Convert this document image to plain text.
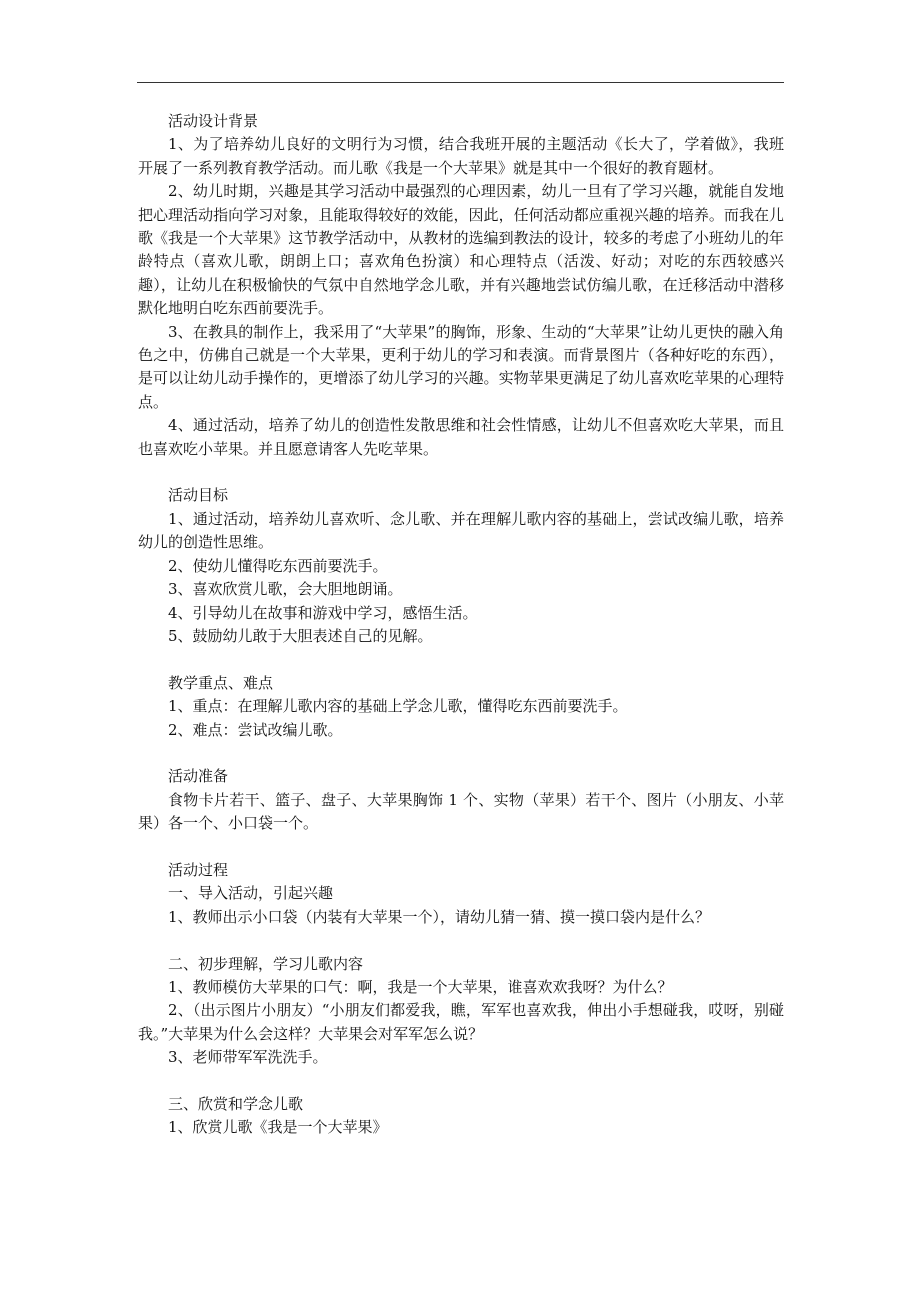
活动设计背景

1、为了培养幼儿良好的文明行为习惯，结合我班开展的主题活动《长大了，学着做》，我班开展了一系列教育教学活动。而儿歌《我是一个大苹果》就是其中一个很好的教育题材。

2、幼儿时期，兴趣是其学习活动中最强烈的心理因素，幼儿一旦有了学习兴趣，就能自发地把心理活动指向学习对象，且能取得较好的效能，因此，任何活动都应重视兴趣的培养。而我在儿歌《我是一个大苹果》这节教学活动中，从教材的选编到教法的设计，较多的考虑了小班幼儿的年龄特点（喜欢儿歌，朗朗上口；喜欢角色扮演）和心理特点（活泼、好动；对吃的东西较感兴趣），让幼儿在积极愉快的气氛中自然地学念儿歌，并有兴趣地尝试仿编儿歌，在迁移活动中潜移默化地明白吃东西前要洗手。

3、在教具的制作上，我采用了“大苹果”的胸饰，形象、生动的“大苹果”让幼儿更快的融入角色之中，仿佛自己就是一个大苹果，更利于幼儿的学习和表演。而背景图片（各种好吃的东西），是可以让幼儿动手操作的，更增添了幼儿学习的兴趣。实物苹果更满足了幼儿喜欢吃苹果的心理特点。

4、通过活动，培养了幼儿的创造性发散思维和社会性情感，让幼儿不但喜欢吃大苹果，而且也喜欢吃小苹果。并且愿意请客人先吃苹果。

活动目标

1、通过活动，培养幼儿喜欢听、念儿歌、并在理解儿歌内容的基础上，尝试改编儿歌，培养幼儿的创造性思维。

2、使幼儿懂得吃东西前要洗手。

3、喜欢欣赏儿歌，会大胆地朗诵。

4、引导幼儿在故事和游戏中学习，感悟生活。

5、鼓励幼儿敢于大胆表述自己的见解。

教学重点、难点

1、重点：在理解儿歌内容的基础上学念儿歌，懂得吃东西前要洗手。

2、难点：尝试改编儿歌。

活动准备

食物卡片若干、篮子、盘子、大苹果胸饰 1 个、实物（苹果）若干个、图片（小朋友、小苹果）各一个、小口袋一个。

活动过程

一、导入活动，引起兴趣

1、教师出示小口袋（内装有大苹果一个），请幼儿猜一猜、摸一摸口袋内是什么？

二、初步理解，学习儿歌内容

1、教师模仿大苹果的口气：啊，我是一个大苹果，谁喜欢欢我呀？为什么？

2、（出示图片小朋友）“小朋友们都爱我，瞧，军军也喜欢我，伸出小手想碰我，哎呀，别碰我。”大苹果为什么会这样？大苹果会对军军怎么说？

3、老师带军军洗洗手。

三、欣赏和学念儿歌

1、欣赏儿歌《我是一个大苹果》
